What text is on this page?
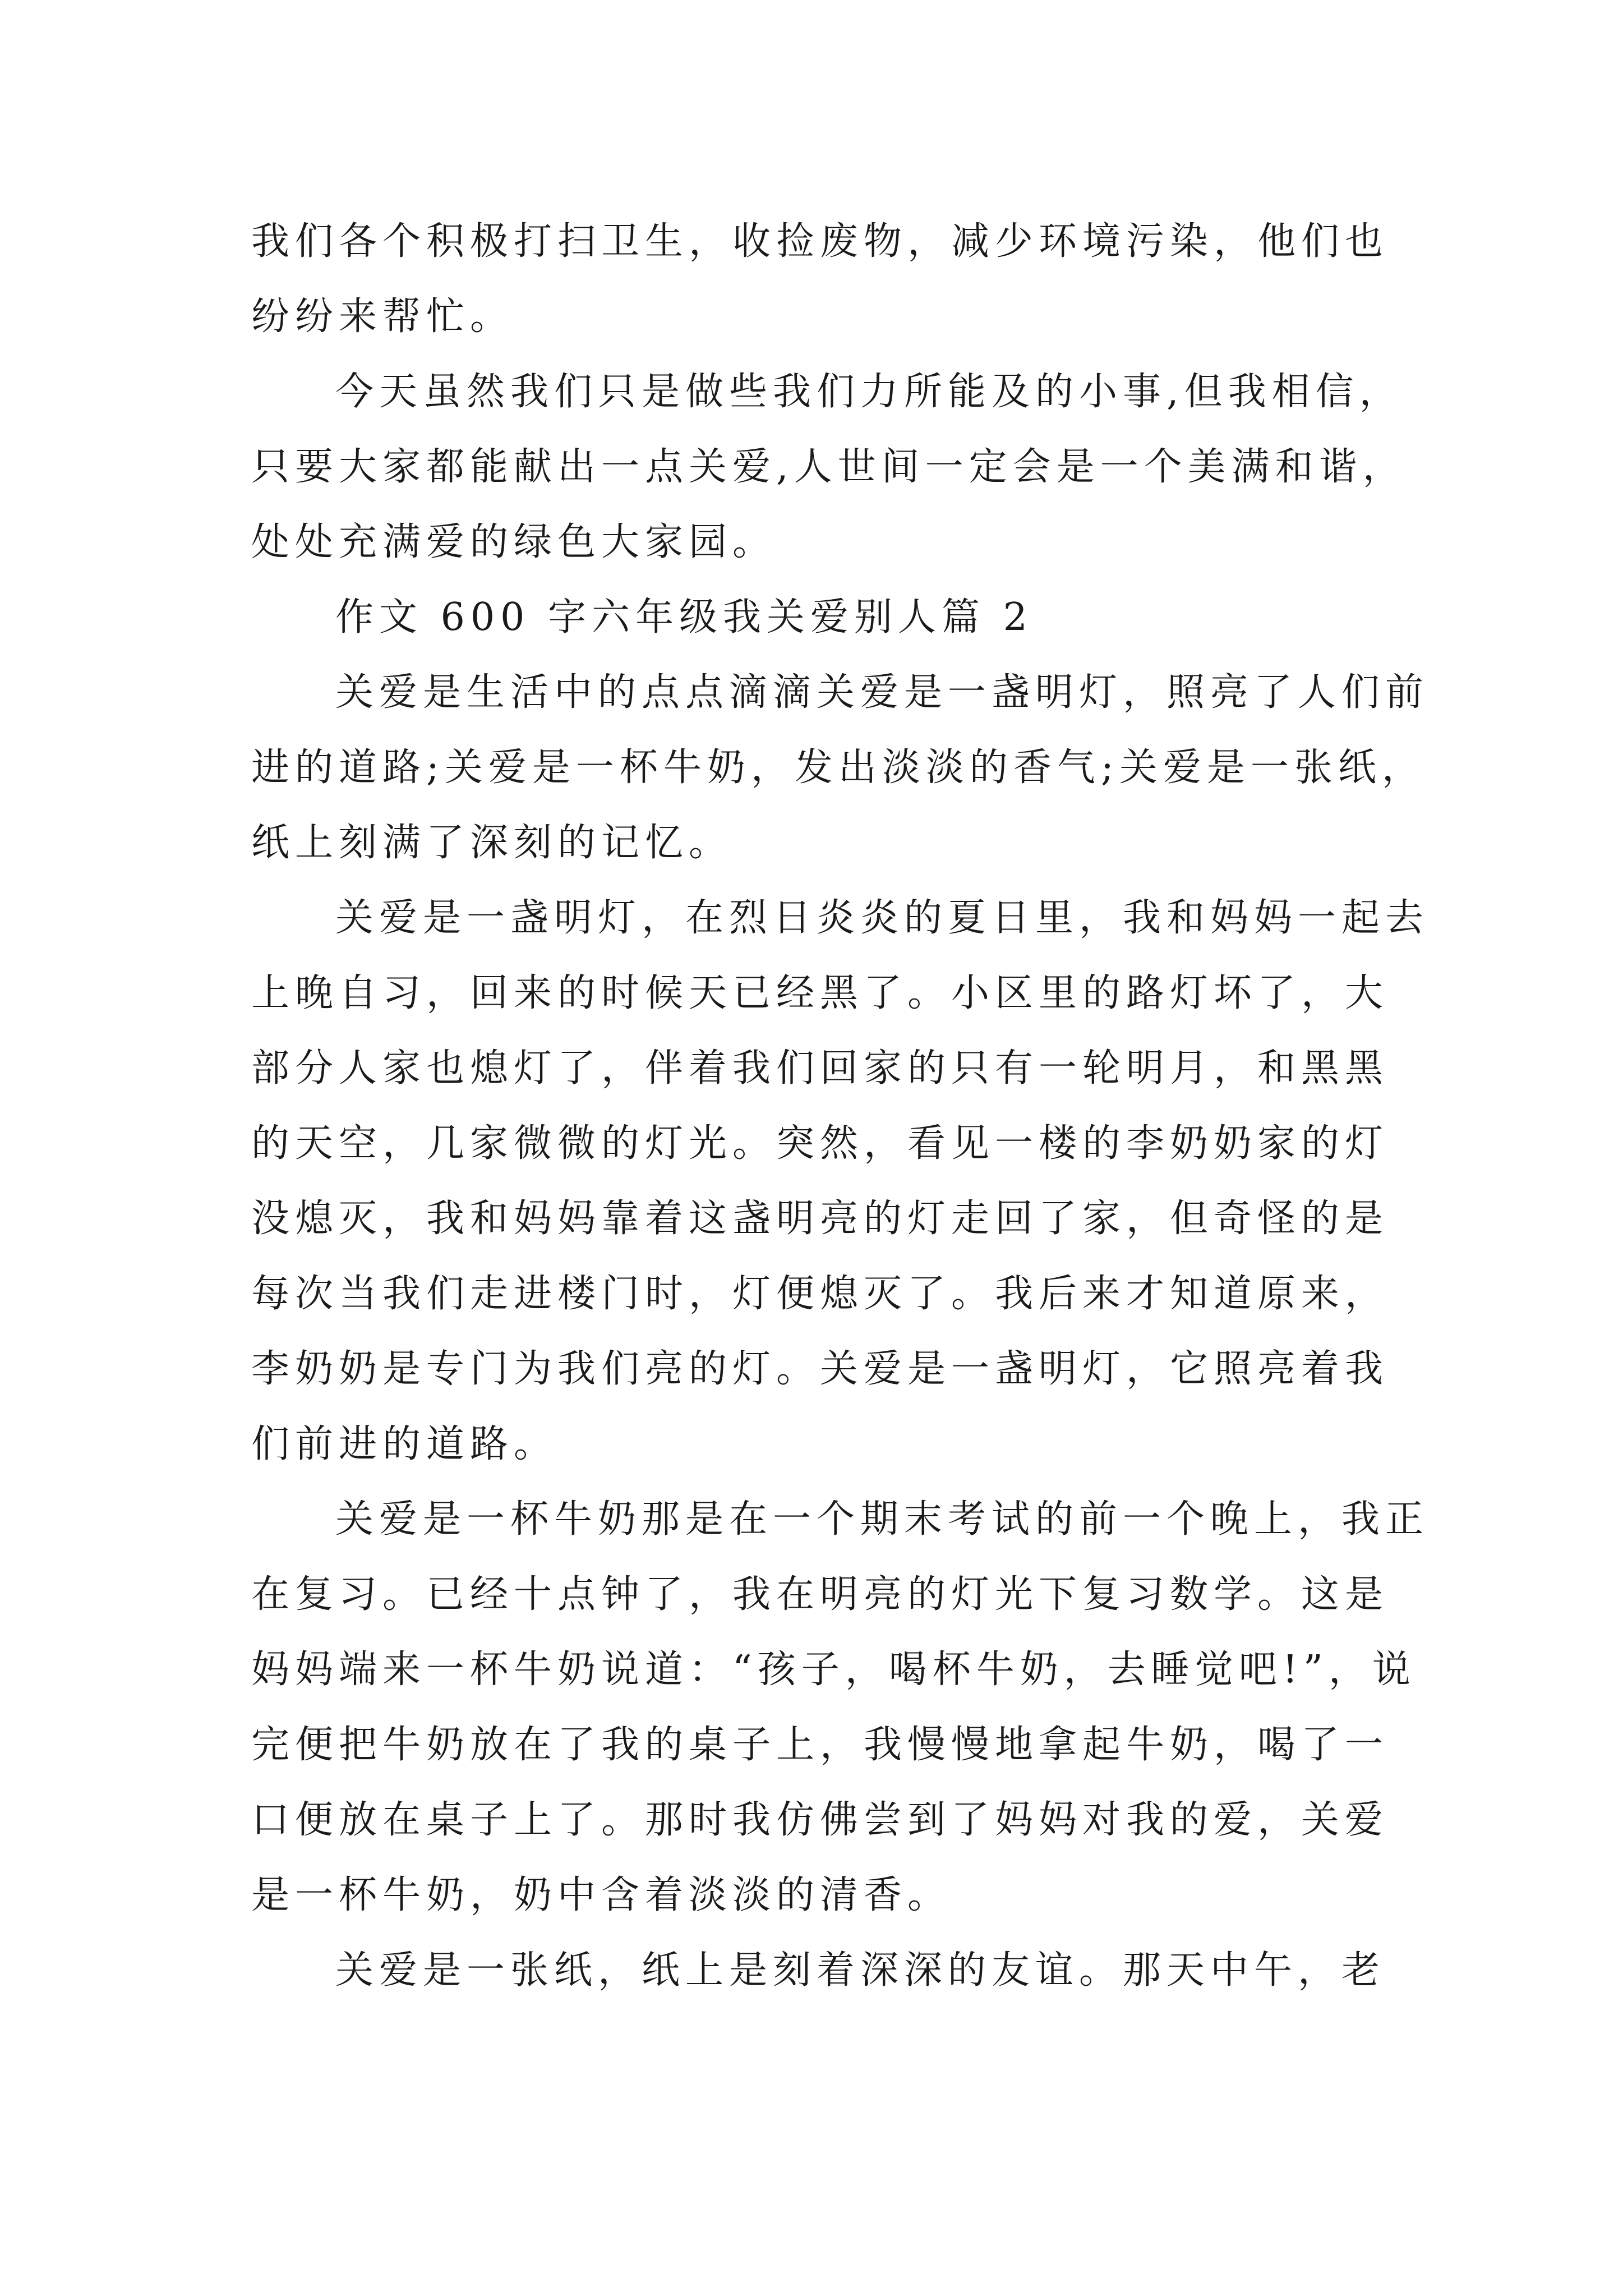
我们各个积极打扫卫生，收捡废物，减少环境污染，他们也纷纷来帮忙。

今天虽然我们只是做些我们力所能及的小事,但我相信，只要大家都能献出一点关爱,人世间一定会是一个美满和谐，处处充满爱的绿色大家园。

作文 600 字六年级我关爱别人篇 2

关爱是生活中的点点滴滴关爱是一盏明灯，照亮了人们前进的道路;关爱是一杯牛奶，发出淡淡的香气;关爱是一张纸，纸上刻满了深刻的记忆。

关爱是一盏明灯，在烈日炎炎的夏日里，我和妈妈一起去上晚自习，回来的时候天已经黑了。小区里的路灯坏了，大部分人家也熄灯了，伴着我们回家的只有一轮明月，和黑黑的天空，几家微微的灯光。突然，看见一楼的李奶奶家的灯没熄灭，我和妈妈靠着这盏明亮的灯走回了家，但奇怪的是每次当我们走进楼门时，灯便熄灭了。我后来才知道原来，李奶奶是专门为我们亮的灯。关爱是一盏明灯，它照亮着我们前进的道路。

关爱是一杯牛奶那是在一个期末考试的前一个晚上，我正在复习。已经十点钟了，我在明亮的灯光下复习数学。这是妈妈端来一杯牛奶说道：“孩子，喝杯牛奶，去睡觉吧!”，说完便把牛奶放在了我的桌子上，我慢慢地拿起牛奶，喝了一口便放在桌子上了。那时我仿佛尝到了妈妈对我的爱，关爱是一杯牛奶，奶中含着淡淡的清香。

关爱是一张纸，纸上是刻着深深的友谊。那天中午，老
